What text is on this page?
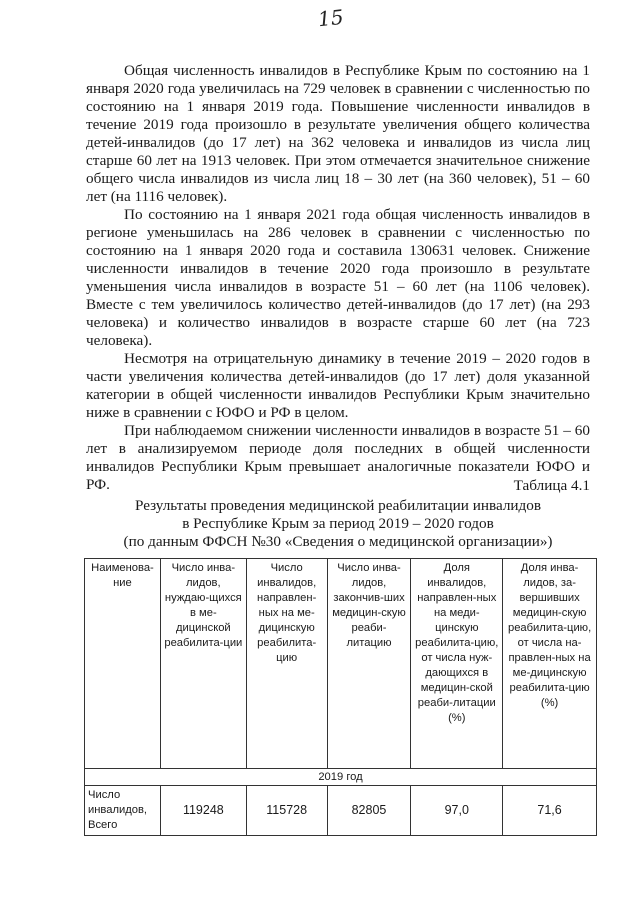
15

Общая численность инвалидов в Республике Крым по состоянию на 1 января 2020 года увеличилась на 729 человек в сравнении с численностью по состоянию на 1 января 2019 года. Повышение численности инвалидов в течение 2019 года произошло в результате увеличения общего количества детей-инвалидов (до 17 лет) на 362 человека и инвалидов из числа лиц старше 60 лет на 1913 человек. При этом отмечается значительное снижение общего числа инвалидов из числа лиц 18 – 30 лет (на 360 человек), 51 – 60 лет (на 1116 человек).

По состоянию на 1 января 2021 года общая численность инвалидов в регионе уменьшилась на 286 человек в сравнении с численностью по состоянию на 1 января 2020 года и составила 130631 человек. Снижение численности инвалидов в течение 2020 года произошло в результате уменьшения числа инвалидов в возрасте 51 – 60 лет (на 1106 человек). Вместе с тем увеличилось количество детей-инвалидов (до 17 лет) (на 293 человека) и количество инвалидов в возрасте старше 60 лет (на 723 человека).

Несмотря на отрицательную динамику в течение 2019 – 2020 годов в части увеличения количества детей-инвалидов (до 17 лет) доля указанной категории в общей численности инвалидов Республики Крым значительно ниже в сравнении с ЮФО и РФ в целом.

При наблюдаемом снижении численности инвалидов в возрасте 51 – 60 лет в анализируемом периоде доля последних в общей численности инвалидов Республики Крым превышает аналогичные показатели ЮФО и РФ.	Таблица 4.1
Результаты проведения медицинской реабилитации инвалидов
в Республике Крым за период 2019 – 2020 годов
(по данным ФФСН №30 «Сведения о медицинской организации»)
Наименова-ние	Число инва-лидов, нуждаю-щихся в ме-дицинской реабилита-ции	Число инвалидов, направлен-ных на ме-дицинскую реабилита-цию	Число инва-лидов, закончив-ших медицин-скую реаби-литацию	Доля инвалидов, направлен-ных на меди-цинскую реабилита-цию, от числа нуж-дающихся в медицин-ской реаби-литации (%)	Доля инва-лидов, за-вершивших медицин-скую реабилита-цию, от числа на-правлен-ных на ме-дицинскую реабилита-цию (%)
2019 год					
Число инвалидов, Всего	119248	115728	82805	97,0	71,6
